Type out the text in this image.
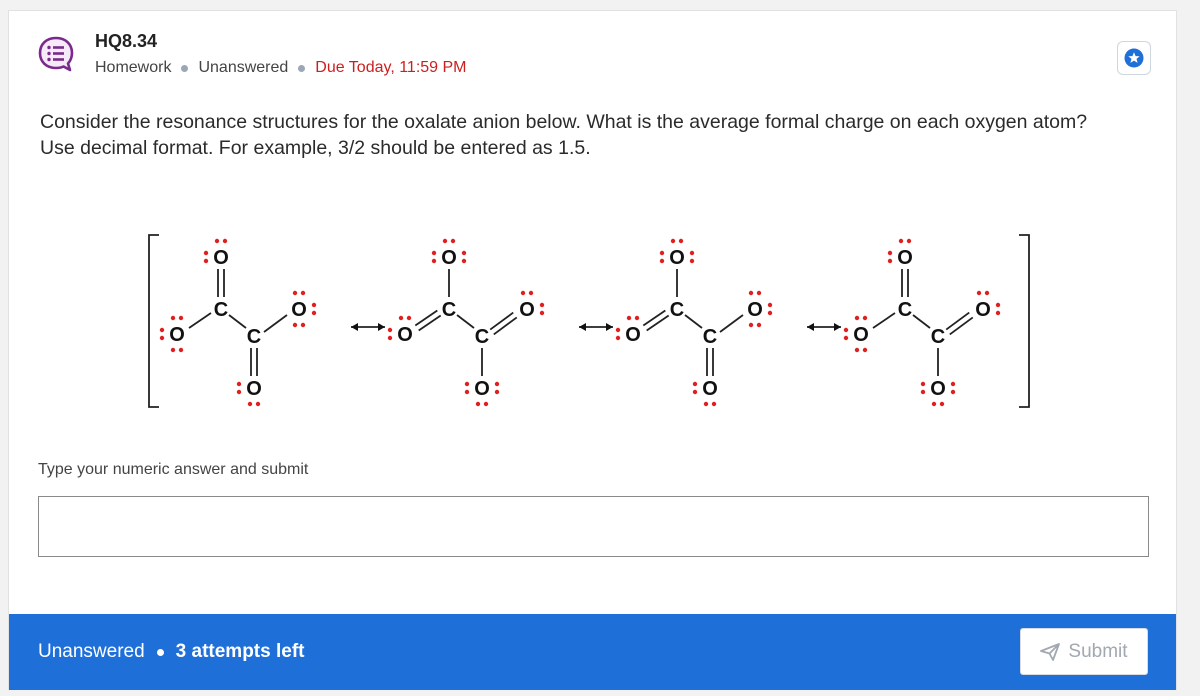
HQ8.34
Homework Unanswered Due Today, 11:59 PM
Consider the resonance structures for the oxalate anion below. What is the average formal charge on each oxygen atom? Use decimal format. For example, 3/2 should be entered as 1.5.
C
C
O
O
O
O	C
C
O
O
O
O	C
C
O
O
O
O	C
C
O
O
O
O
Type your numeric answer and submit
Unanswered 3 attempts left	Submit
